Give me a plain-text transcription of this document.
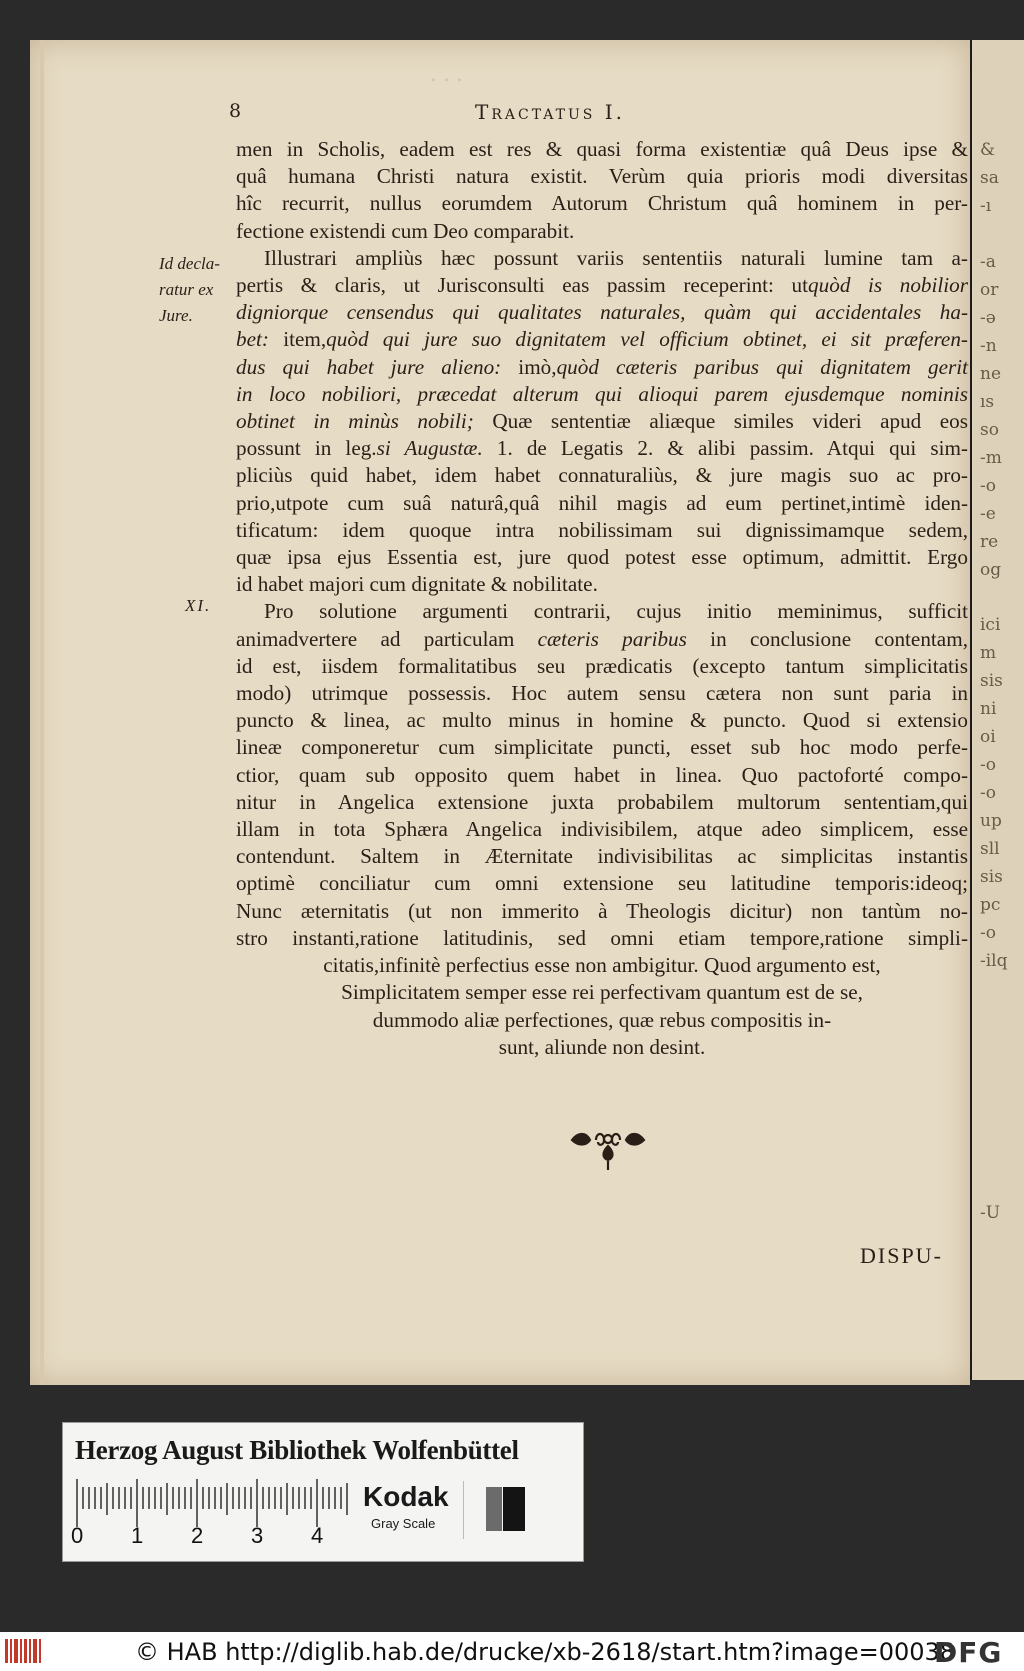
&
sa
-ı
-a
or
-ə
-n
ne
ıs
so
-m
-o
-e
re
og
ici
m
sis
ni
oi
-o
-o
up
sll
sis
pc
-o
-ilq
-U
...
8	Tractatus I.
Id decla-
ratur ex
Jure.
XI.
men in Scholis, eadem est res & quasi forma existentiæ quâ Deus ipse &
quâ humana Christi natura existit. Verùm quia prioris modi diversitas
hîc recurrit, nullus eorumdem Autorum Christum quâ hominem in per-
fectione existendi cum Deo comparabit.
Illustrari ampliùs hæc possunt variis sententiis naturali lumine tam a-
pertis & claris, ut Jurisconsulti eas passim receperint: utquòd is nobilior
digniorque censendus qui qualitates naturales, quàm qui accidentales ha-
bet: item,quòd qui jure suo dignitatem vel officium obtinet, ei sit præferen-
dus qui habet jure alieno: imò,quòd cæteris paribus qui dignitatem gerit
in loco nobiliori, præcedat alterum qui alioqui parem ejusdemque nominis
obtinet in minùs nobili; Quæ sententiæ aliæque similes videri apud eos
possunt in leg.si Augustæ. 1. de Legatis 2. & alibi passim. Atqui qui sim-
pliciùs quid habet, idem habet connaturaliùs, & jure magis suo ac pro-
prio,utpote cum suâ naturâ,quâ nihil magis ad eum pertinet,intimè iden-
tificatum: idem quoque intra nobilissimam sui dignissimamque sedem,
quæ ipsa ejus Essentia est, jure quod potest esse optimum, admittit. Ergo
id habet majori cum dignitate & nobilitate.
Pro solutione argumenti contrarii, cujus initio meminimus, sufficit
animadvertere ad particulam cæteris paribus in conclusione contentam,
id est, iisdem formalitatibus seu prædicatis (excepto tantum simplicitatis
modo) utrimque possessis. Hoc autem sensu cætera non sunt paria in
puncto & linea, ac multo minus in homine & puncto. Quod si extensio
lineæ componeretur cum simplicitate puncti, esset sub hoc modo perfe-
ctior, quam sub opposito quem habet in linea. Quo pactoforté compo-
nitur in Angelica extensione juxta probabilem multorum sententiam,qui
illam in tota Sphæra Angelica indivisibilem, atque adeo simplicem, esse
contendunt. Saltem in Æternitate indivisibilitas ac simplicitas instantis
optimè conciliatur cum omni extensione seu latitudine temporis:ideoq;
Nunc æternitatis (ut non immerito à Theologis dicitur) non tantùm no-
stro instanti,ratione latitudinis, sed omni etiam tempore,ratione simpli-
citatis,infinitè perfectius esse non ambigitur. Quod argumento est,
Simplicitatem semper esse rei perfectivam quantum est de se,
dummodo aliæ perfectiones, quæ rebus compositis in-
sunt, aliunde non desint.
DISPU-
Herzog August Bibliothek Wolfenbüttel
0 1 2 3 4
Kodak
Gray Scale
© HAB http://diglib.hab.de/drucke/xb-2618/start.htm?image=00038
DFG
